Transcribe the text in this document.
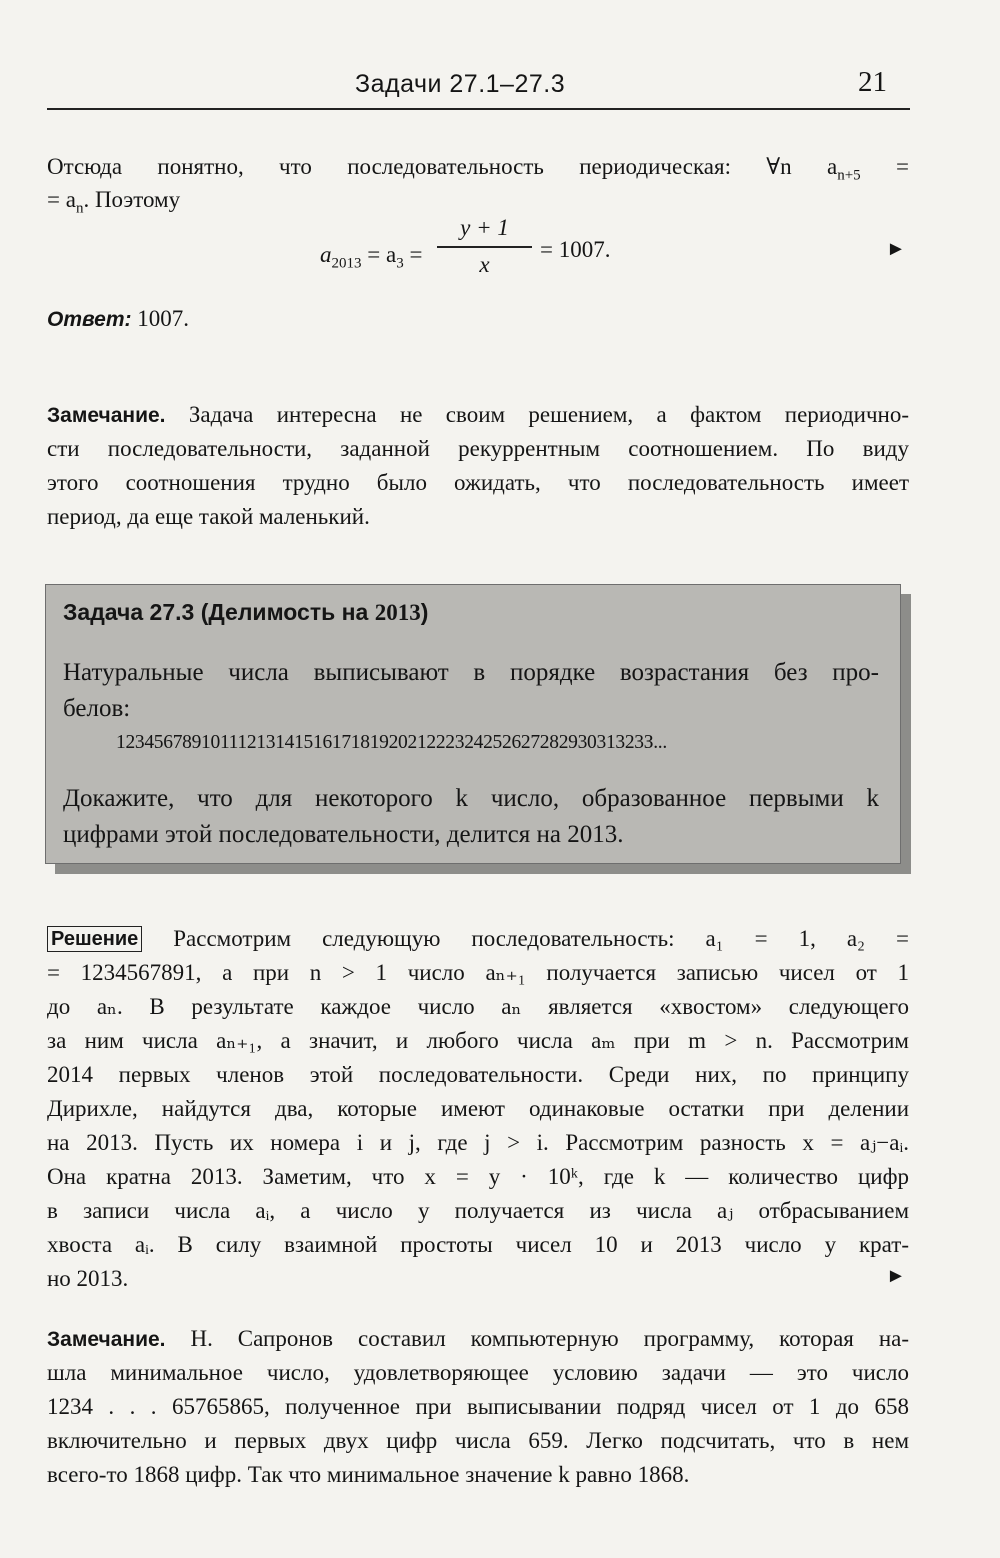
Задачи 27.1–27.3	21
Отсюда понятно, что последовательность периодическая: ∀n $a_{n+5}$ =
= $a_n$. Поэтому
$a_{2013} = a_3$ =
y + 1
x
= 1007.	►
Ответ: 1007.
Замечание. Задача интересна не своим решением, а фактом периодично-
сти последовательности, заданной рекуррентным соотношением. По виду
этого соотношения трудно было ожидать, что последовательность имеет
период, да еще такой маленький.
Задача 27.3 (Делимость на 2013)
Натуральные числа выписывают в порядке возрастания без про-
белов:
12345678910111213141516171819202122232425262728293031323З...
Докажите, что для некоторого k число, образованное первыми k
цифрами этой последовательности, делится на 2013.
Решение Рассмотрим следующую последовательность: a₁ = 1, a₂ =
= 1234567891, а при n > 1 число aₙ₊₁ получается записью чисел от 1
до aₙ. В результате каждое число aₙ является «хвостом» следующего
за ним числа aₙ₊₁, а значит, и любого числа aₘ при m > n. Рассмотрим
2014 первых членов этой последовательности. Среди них, по принципу
Дирихле, найдутся два, которые имеют одинаковые остатки при делении
на 2013. Пусть их номера i и j, где j > i. Рассмотрим разность x = aⱼ−aᵢ.
Она кратна 2013. Заметим, что x = y · 10ᵏ, где k — количество цифр
в записи числа aᵢ, а число y получается из числа aⱼ отбрасыванием
хвоста aᵢ. В силу взаимной простоты чисел 10 и 2013 число y крат-
но 2013.	►
Замечание. Н. Сапронов составил компьютерную программу, которая на-
шла минимальное число, удовлетворяющее условию задачи — это число
1234 . . . 65765865, полученное при выписывании подряд чисел от 1 до 658
включительно и первых двух цифр числа 659. Легко подсчитать, что в нем
всего-то 1868 цифр. Так что минимальное значение k равно 1868.
